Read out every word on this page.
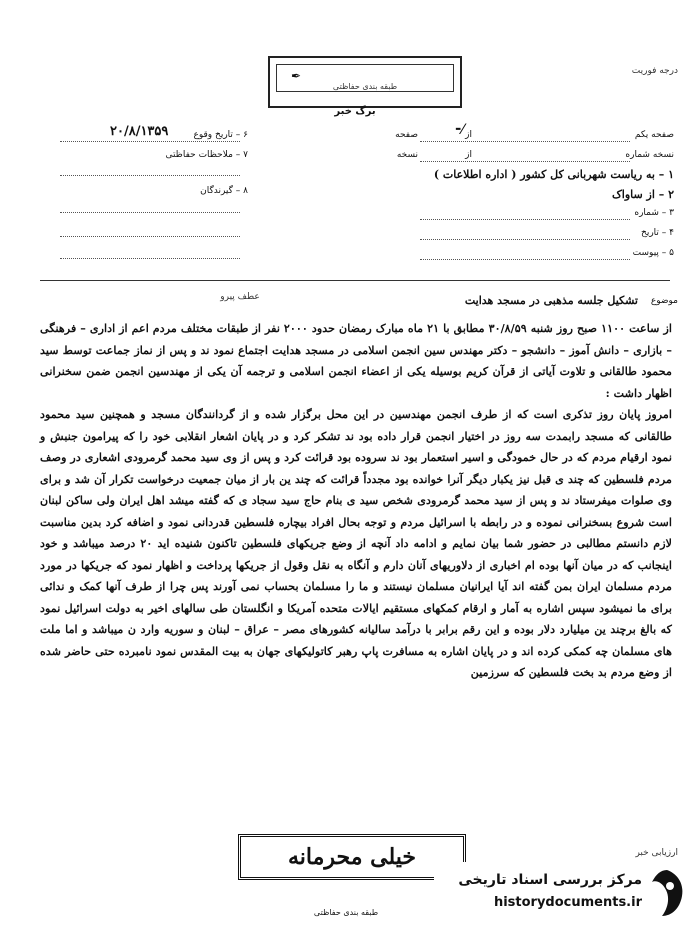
درجه فوریت
✒
طبقه بندی حفاظتی
برگ خبر
صفحه یکم
از
⁃⁄
صفحه
نسخه شماره
از
نسخه
۱ – به ریاست شهربانی کل کشور ( اداره اطلاعات )
۲ – از ساواک
۳ – شماره
۴ – تاریخ
۵ – پیوست
۶ – تاریخ وقوع
۲۰/۸/۱۳۵۹
۷ – ملاحظات حفاظتی
۸ – گیرندگان
عطف پیرو	موضوع
تشکیل جلسه مذهبی در مسجد هدایت

از ساعت ۱۱۰۰ صبح روز شنبه ۳۰/۸/۵۹ مطابق با ۲۱ ماه مبارک رمضان حدود ۲۰۰۰ نفر از طبقات مختلف مردم اعم از اداری – فرهنگی – بازاری – دانش آموز – دانشجو – دکتر مهندس سین انجمن اسلامی در مسجد هدایت اجتماع نمود ند و پس از نماز جماعت توسط سید محمود طالقانی و تلاوت آیاتی از قرآن کریم بوسیله یکی از اعضاء انجمن اسلامی و ترجمه آن یکی از مهندسین انجمن ضمن سخنرانی اظهار داشت :

امروز پایان روز تذکری است که از طرف انجمن مهندسین در این محل برگزار شده و از گردانندگان مسجد و همچنین سید محمود طالقانی که مسجد رابمدت سه روز در اختیار انجمن قرار داده بود ند تشکر کرد و در پایان اشعار انقلابی خود را که پیرامون جنبش و نمود ارقیام مردم که در حال خمودگی و اسیر استعمار بود ند سروده بود قرائت کرد و پس از وی سید محمد گرمرودی اشعاری در وصف مردم فلسطین که چند ی قبل نیز یکبار دیگر آنرا خوانده بود مجدداً قرائت که چند ین بار از میان جمعیت درخواست تکرار آن شد و برای وی صلوات میفرستاد ند و پس از سید محمد گرمرودی شخص سید ی بنام حاج سید سجاد ی که گفته میشد اهل ایران ولی ساکن لبنان است شروع بسخنرانی نموده و در رابطه با اسرائیل مردم و توجه بحال افراد بیچاره فلسطین قدردانی نمود و اضافه کرد بدین مناسبت لازم دانستم مطالبی در حضور شما بیان نمایم و ادامه داد آنچه از وضع جریکهای فلسطین تاکنون شنیده اید ۲۰ درصد میباشد و خود اینجانب که در میان آنها بوده ام اخباری از دلاوریهای آنان دارم و آنگاه به نقل وقول از جریکها پرداخت و اظهار نمود که جریکها در مورد مردم مسلمان ایران بمن گفته اند آیا ایرانیان مسلمان نیستند و ما را مسلمان بحساب نمی آورند پس چرا از طرف آنها کمک و ندائی برای ما نمیشود سپس اشاره به آمار و ارقام کمکهای مستقیم ایالات متحده آمریکا و انگلستان طی سالهای اخیر به دولت اسرائیل نمود که بالغ برچند ین میلیارد دلار بوده و این رقم برابر با درآمد سالیانه کشورهای مصر – عراق – لبنان و سوریه وارد ن میباشد و اما ملت های مسلمان چه کمکی کرده اند و در پایان اشاره به مسافرت پاپ رهبر کاتولیکهای جهان به بیت المقدس نمود نامبرده حتی حاضر شده از وضع مردم بد بخت فلسطین که سرزمین

ارزیابی خبر
خیلی محرمانه
مرکز بررسی اسناد تاریخی
historydocuments.ir
طبقه بندی حفاظتی
